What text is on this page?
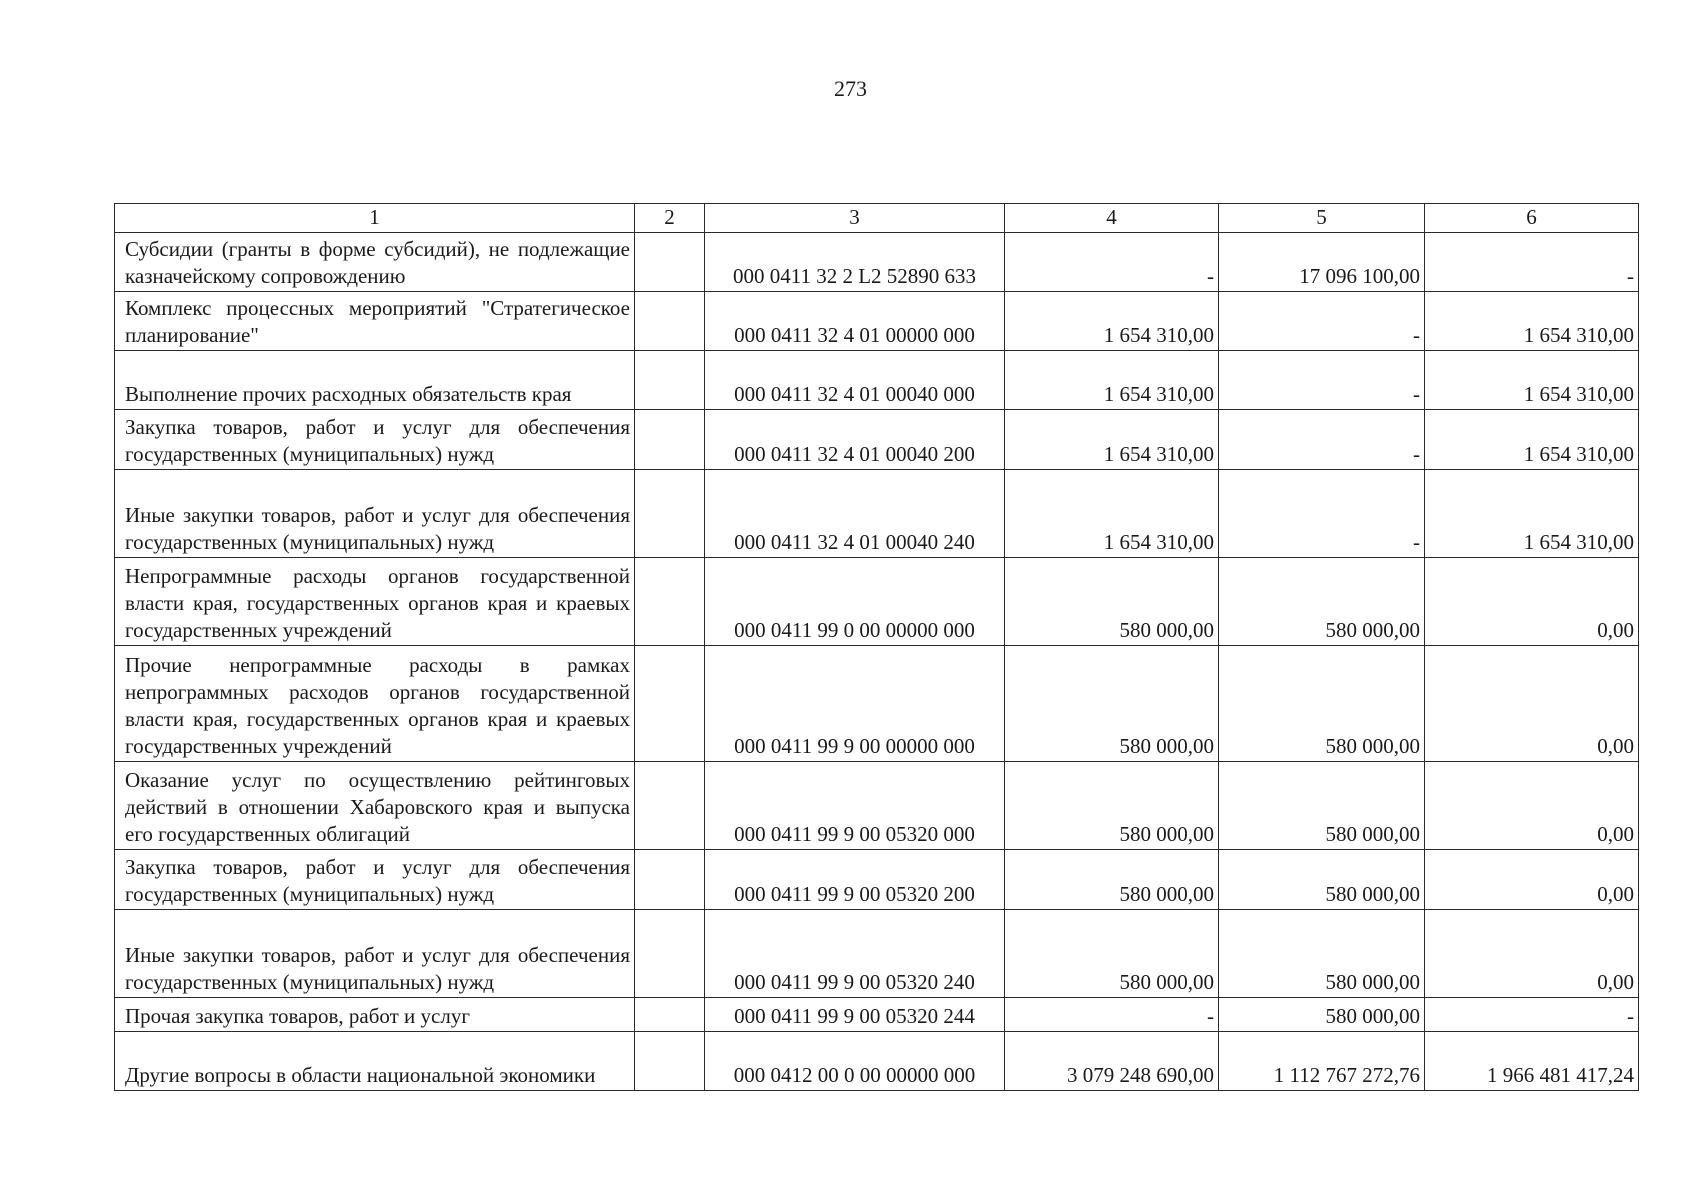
273
1	2	3	4	5	6
Субсидии (гранты в форме субсидий), не подлежащие казначейскому сопровождению		000 0411 32 2 L2 52890 633	-	17 096 100,00	-
Комплекс процессных мероприятий "Стратегическое планирование"		000 0411 32 4 01 00000 000	1 654 310,00	-	1 654 310,00
Выполнение прочих расходных обязательств края		000 0411 32 4 01 00040 000	1 654 310,00	-	1 654 310,00
Закупка товаров, работ и услуг для обеспечения государственных (муниципальных) нужд		000 0411 32 4 01 00040 200	1 654 310,00	-	1 654 310,00
Иные закупки товаров, работ и услуг для обеспечения государственных (муниципальных) нужд		000 0411 32 4 01 00040 240	1 654 310,00	-	1 654 310,00
Непрограммные расходы органов государственной власти края, государственных органов края и краевых государственных учреждений		000 0411 99 0 00 00000 000	580 000,00	580 000,00	0,00
Прочие непрограммные расходы в рамках непрограммных расходов органов государственной власти края, государственных органов края и краевых государственных учреждений		000 0411 99 9 00 00000 000	580 000,00	580 000,00	0,00
Оказание услуг по осуществлению рейтинговых действий в отношении Хабаровского края и выпуска его государственных облигаций		000 0411 99 9 00 05320 000	580 000,00	580 000,00	0,00
Закупка товаров, работ и услуг для обеспечения государственных (муниципальных) нужд		000 0411 99 9 00 05320 200	580 000,00	580 000,00	0,00
Иные закупки товаров, работ и услуг для обеспечения государственных (муниципальных) нужд		000 0411 99 9 00 05320 240	580 000,00	580 000,00	0,00
Прочая закупка товаров, работ и услуг		000 0411 99 9 00 05320 244	-	580 000,00	-
Другие вопросы в области национальной экономики		000 0412 00 0 00 00000 000	3 079 248 690,00	1 112 767 272,76	1 966 481 417,24
